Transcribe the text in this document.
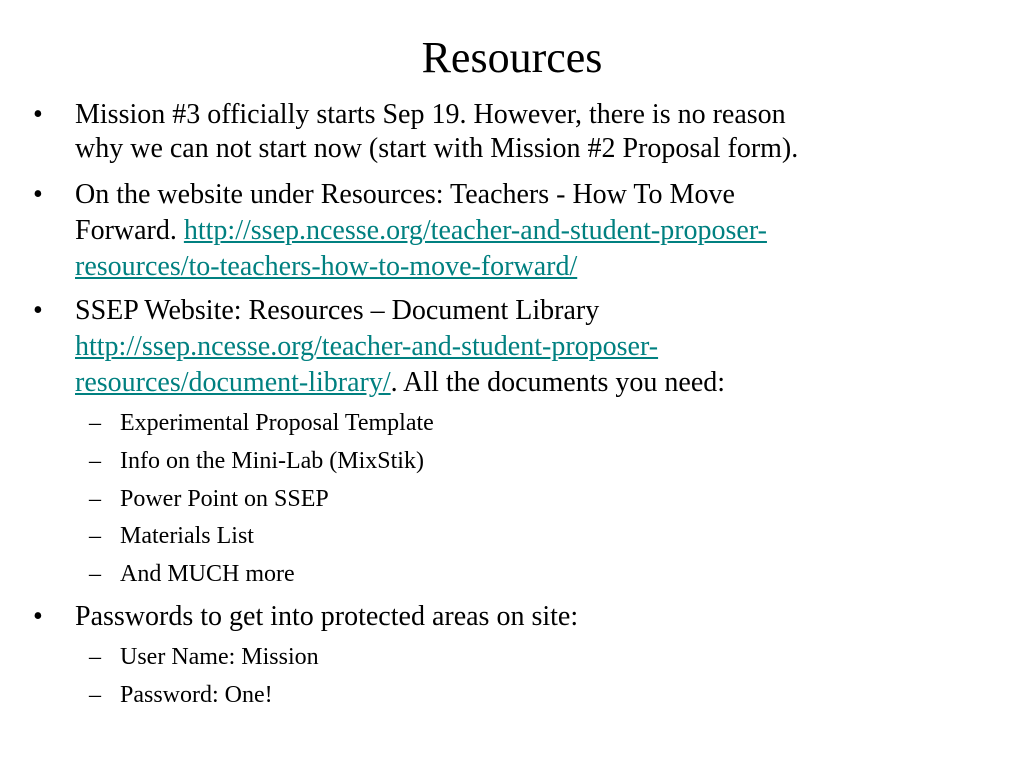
Resources
• Mission #3 officially starts Sep 19. However, there is no reason
why we can not start now (start with Mission #2 Proposal form).
• On the website under Resources: Teachers - How To Move
Forward. http://ssep.ncesse.org/teacher-and-student-proposer-
resources/to-teachers-how-to-move-forward/
• SSEP Website: Resources – Document Library
http://ssep.ncesse.org/teacher-and-student-proposer-
resources/document-library/. All the documents you need:
– Experimental Proposal Template
– Info on the Mini-Lab (MixStik)
– Power Point on SSEP
– Materials List
– And MUCH more
• Passwords to get into protected areas on site:
– User Name: Mission
– Password: One!
